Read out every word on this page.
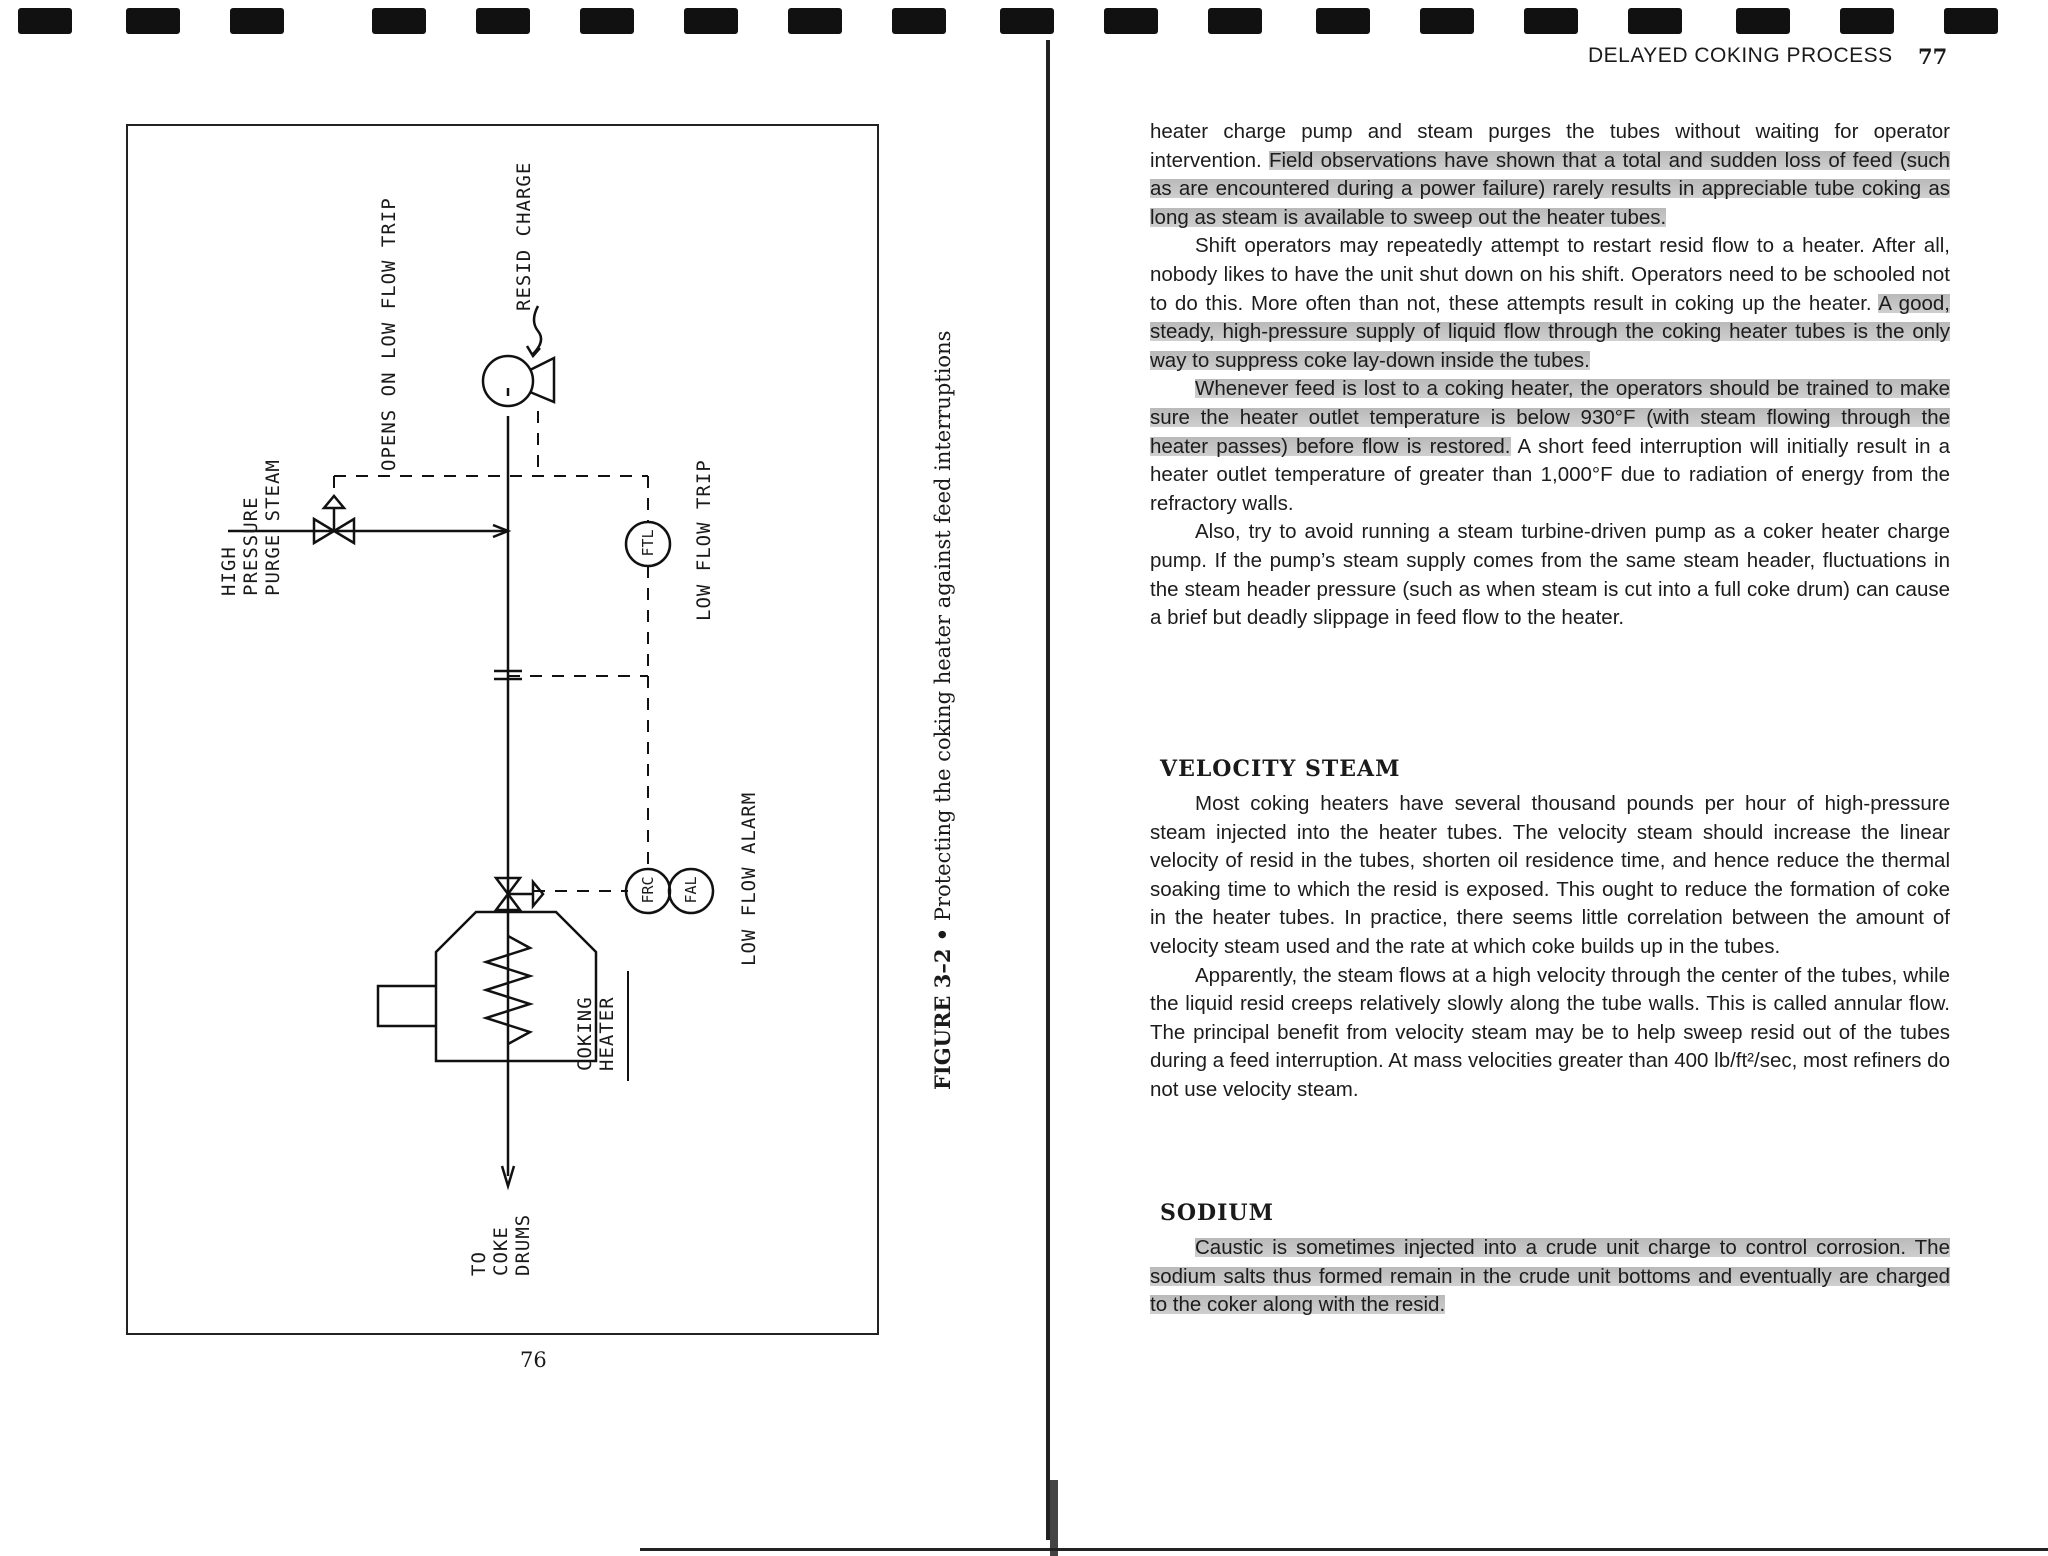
HIGH
PRESSURE
PURGE STEAM
OPENS ON LOW FLOW TRIP	RESID CHARGE
LOW FLOW TRIP
LOW FLOW ALARM
COKING
HEATER
TO
COKE
DRUMS
FTL
FRC FAL
FIGURE 3–2 • Protecting the coking heater against feed interruptions
76
DELAYED COKING PROCESS 77

heater charge pump and steam purges the tubes without waiting for operator intervention. Field observations have shown that a total and sudden loss of feed (such as are encountered during a power failure) rarely results in appreciable tube coking as long as steam is available to sweep out the heater tubes.

Shift operators may repeatedly attempt to restart resid flow to a heater. After all, nobody likes to have the unit shut down on his shift. Operators need to be schooled not to do this. More often than not, these attempts result in coking up the heater. A good, steady, high-pressure supply of liquid flow through the coking heater tubes is the only way to suppress coke lay-down inside the tubes.

Whenever feed is lost to a coking heater, the operators should be trained to make sure the heater outlet temperature is below 930°F (with steam flowing through the heater passes) before flow is restored. A short feed interruption will initially result in a heater outlet temperature of greater than 1,000°F due to radiation of energy from the refractory walls.

Also, try to avoid running a steam turbine-driven pump as a coker heater charge pump. If the pump’s steam supply comes from the same steam header, fluctuations in the steam header pressure (such as when steam is cut into a full coke drum) can cause a brief but deadly slippage in feed flow to the heater.

VELOCITY STEAM

Most coking heaters have several thousand pounds per hour of high-pressure steam injected into the heater tubes. The velocity steam should increase the linear velocity of resid in the tubes, shorten oil residence time, and hence reduce the thermal soaking time to which the resid is exposed. This ought to reduce the formation of coke in the heater tubes. In practice, there seems little correlation between the amount of velocity steam used and the rate at which coke builds up in the tubes.

Apparently, the steam flows at a high velocity through the center of the tubes, while the liquid resid creeps relatively slowly along the tube walls. This is called annular flow. The principal benefit from velocity steam may be to help sweep resid out of the tubes during a feed interruption. At mass velocities greater than 400 lb/ft²/sec, most refiners do not use velocity steam.

SODIUM

Caustic is sometimes injected into a crude unit charge to control corrosion. The sodium salts thus formed remain in the crude unit bottoms and eventually are charged to the coker along with the resid.
